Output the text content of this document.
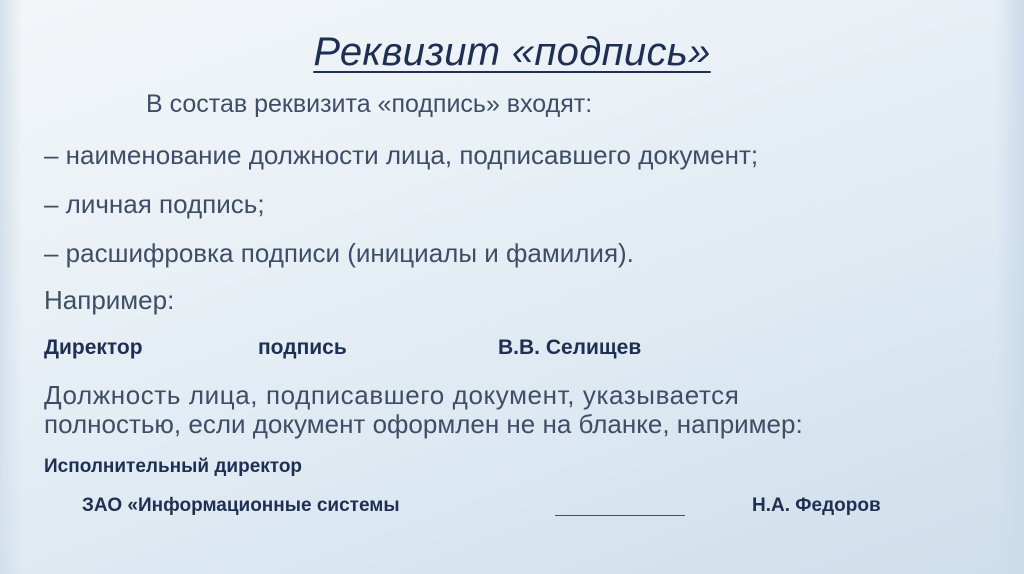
Реквизит «подпись»
В состав реквизита «подпись» входят:
– наименование должности лица, подписавшего документ;
– личная подпись;
– расшифровка подписи (инициалы и фамилия).
Например:
Директор	подпись	В.В. Селищев
Должность лица, подписавшего документ, указывается
полностью, если документ оформлен не на бланке, например:
Исполнительный директор
ЗАО «Информационные системы	Н.А. Федоров
